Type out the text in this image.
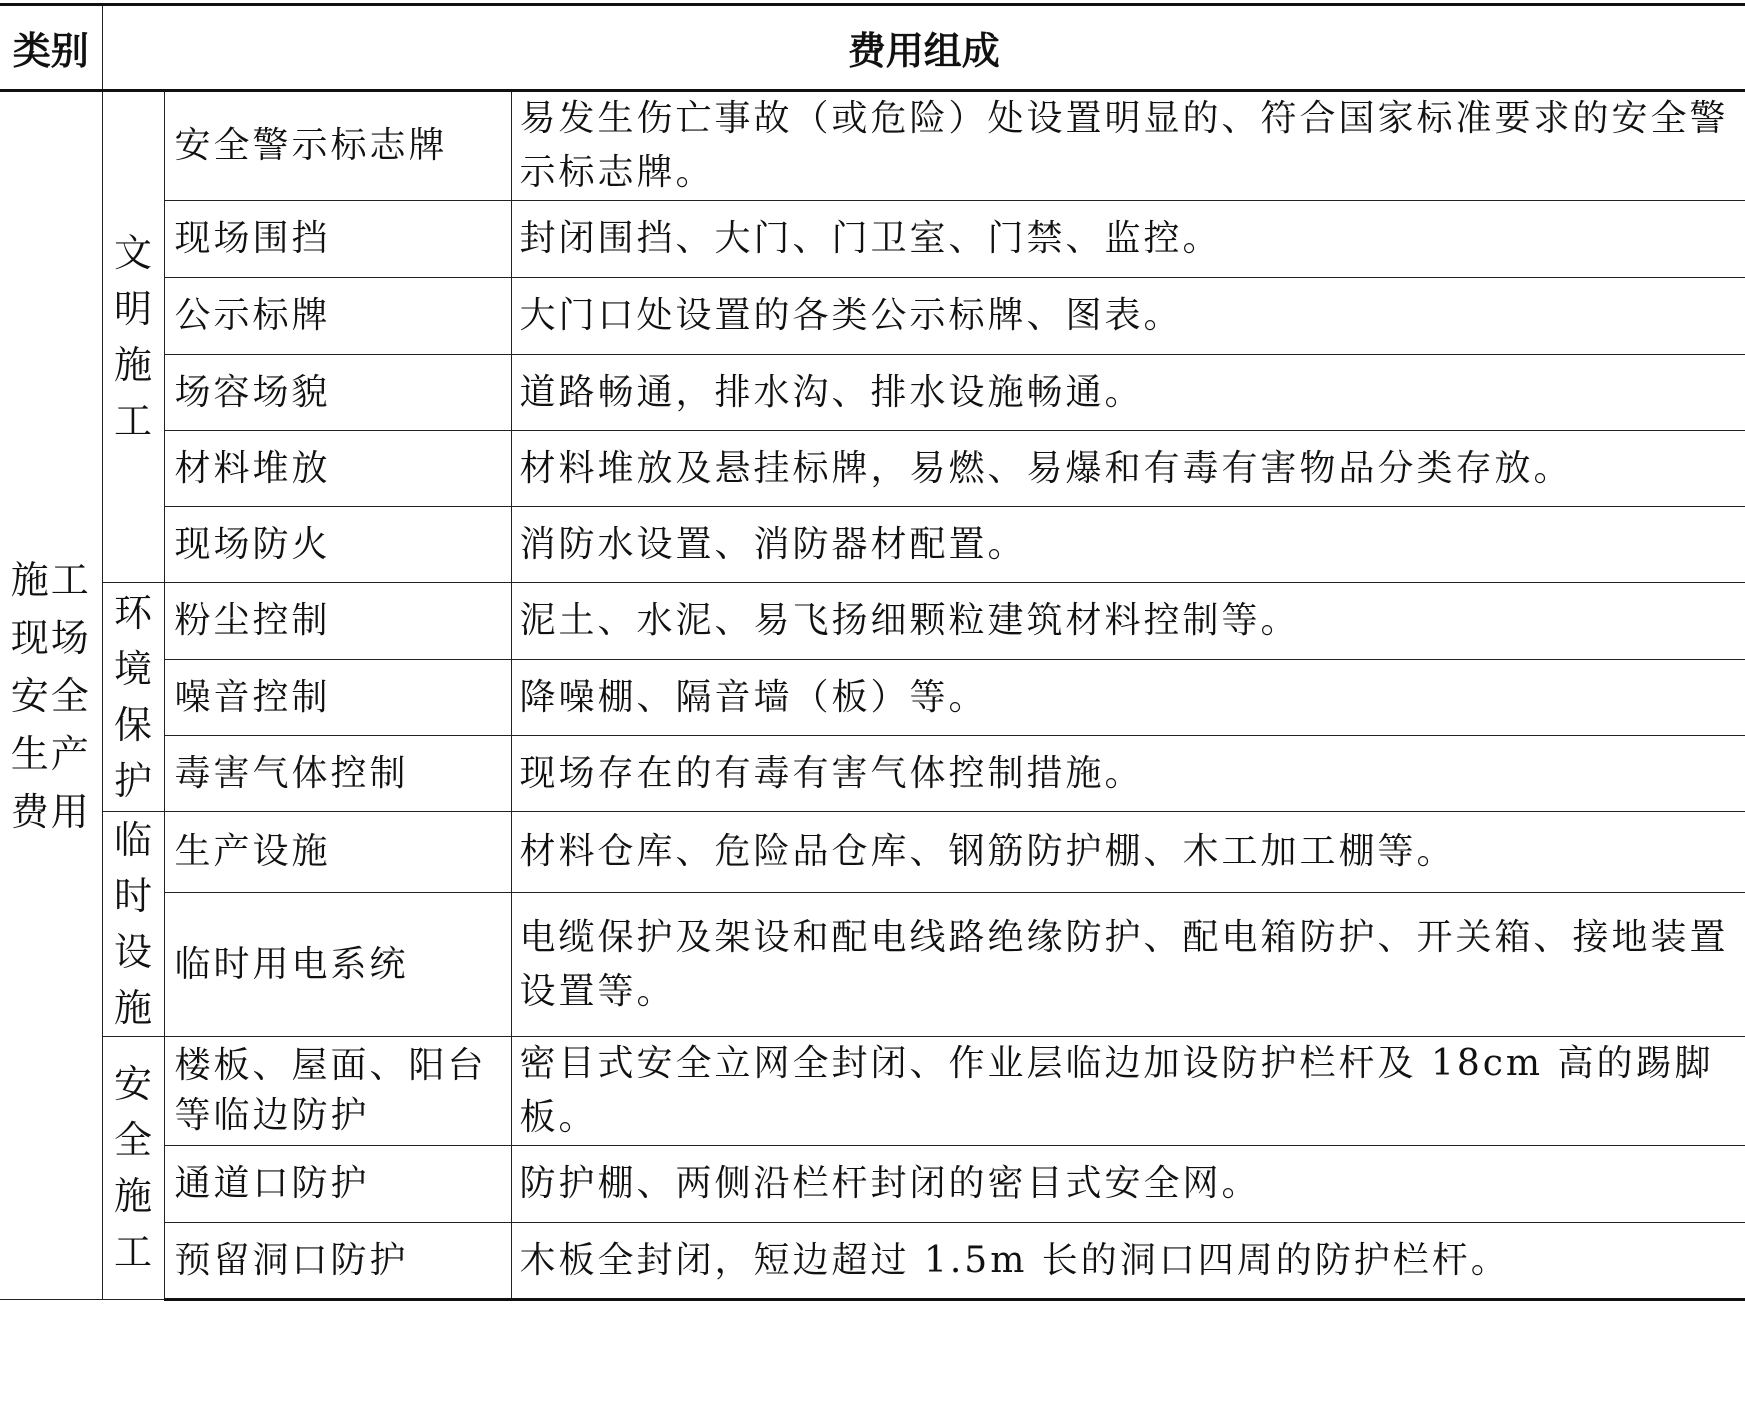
类别	费用组成		
施工现场安全生产费用	文明施工	安全警示标志牌	易发生伤亡事故（或危险）处设置明显的、符合国家标准要求的安全警示标志牌。
		现场围挡	封闭围挡、大门、门卫室、门禁、监控。
		公示标牌	大门口处设置的各类公示标牌、图表。
		场容场貌	道路畅通，排水沟、排水设施畅通。
		材料堆放	材料堆放及悬挂标牌，易燃、易爆和有毒有害物品分类存放。
		现场防火	消防水设置、消防器材配置。
	环境保护	粉尘控制	泥土、水泥、易飞扬细颗粒建筑材料控制等。
		噪音控制	降噪棚、隔音墙（板）等。
		毒害气体控制	现场存在的有毒有害气体控制措施。
	临时设施	生产设施	材料仓库、危险品仓库、钢筋防护棚、木工加工棚等。
		临时用电系统	电缆保护及架设和配电线路绝缘防护、配电箱防护、开关箱、接地装置设置等。
	安全施工	楼板、屋面、阳台等临边防护	密目式安全立网全封闭、作业层临边加设防护栏杆及 18cm 高的踢脚板。
		通道口防护	防护棚、两侧沿栏杆封闭的密目式安全网。
		预留洞口防护	木板全封闭，短边超过 1.5m 长的洞口四周的防护栏杆。
